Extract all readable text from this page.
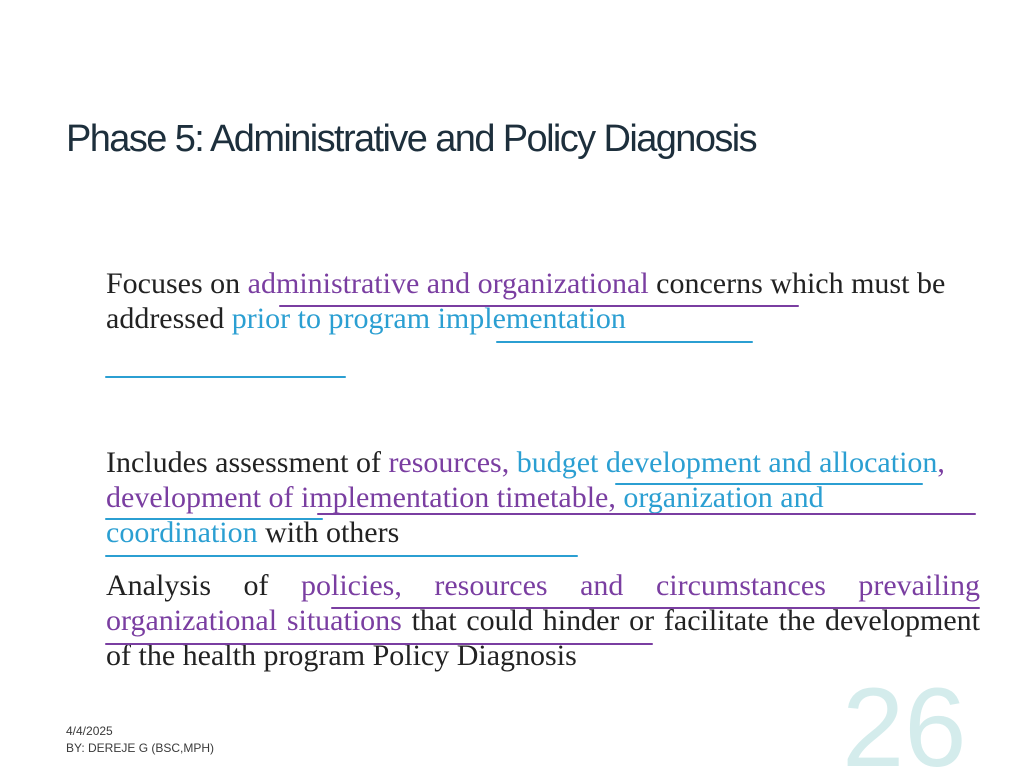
Phase 5: Administrative and Policy Diagnosis

Focuses on administrative and organizational concerns which must be addressed prior to program implementation

Includes assessment of resources, budget development and allocation, development of implementation timetable, organization and coordination with others

Analysis of policies, resources and circumstances prevailing organizational situations that could hinder or facilitate the development of the health program Policy Diagnosis

4/4/2025
BY: DEREJE G (BSC,MPH)	26
